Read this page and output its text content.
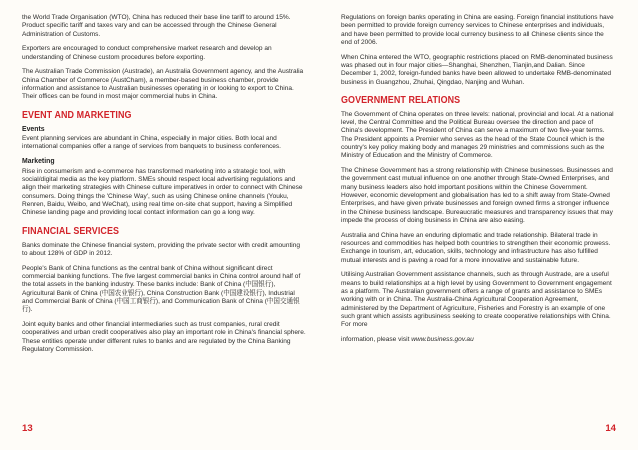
the World Trade Organisation (WTO), China has reduced their base line tariff to around 15%. Product specific tariff and taxes vary and can be accessed through the Chinese General Administration of Customs.

Exporters are encouraged to conduct comprehensive market research and develop an understanding of Chinese custom procedures before exporting.

The Australian Trade Commission (Austrade), an Australia Government agency, and the Australia China Chamber of Commerce (AustCham), a member-based business chamber, provide information and assistance to Australian businesses operating in or looking to export to China. Their offices can be found in most major commercial hubs in China.

EVENT AND MARKETING
Events

Event planning services are abundant in China, especially in major cities. Both local and international companies offer a range of services from banquets to business conferences.

Marketing

Rise in consumerism and e-commerce has transformed marketing into a strategic tool, with social/digital media as the key platform. SMEs should respect local advertising regulations and align their marketing strategies with Chinese culture imperatives in order to connect with Chinese consumers. Doing things the 'Chinese Way', such as using Chinese online channels (Youku, Renren, Baidu, Weibo, and WeChat), using real time on-site chat support, having a Simplified Chinese landing page and providing local contact information can go a long way.

FINANCIAL SERVICES

Banks dominate the Chinese financial system, providing the private sector with credit amounting to about 128% of GDP in 2012.

People's Bank of China functions as the central bank of China without significant direct commercial banking functions. The five largest commercial banks in China control around half of the total assets in the banking industry. These banks include: Bank of China (中国银行), Agricultural Bank of China (中国农业银行), China Construction Bank (中国建设银行), Industrial and Commercial Bank of China (中国工商银行), and Communication Bank of China (中国交通银行).

Joint equity banks and other financial intermediaries such as trust companies, rural credit cooperatives and urban credit cooperatives also play an important role in China's financial sphere. These entities operate under different rules to banks and are regulated by the China Banking Regulatory Commission.

13

Regulations on foreign banks operating in China are easing. Foreign financial institutions have been permitted to provide foreign currency services to Chinese enterprises and individuals, and have been permitted to provide local currency business to all Chinese clients since the end of 2006.

When China entered the WTO, geographic restrictions placed on RMB-denominated business was phased out in four major cities—Shanghai, Shenzhen, Tianjin,and Dalian. Since December 1, 2002, foreign-funded banks have been allowed to undertake RMB-denominated business in Guangzhou, Zhuhai, Qingdao, Nanjing and Wuhan.

GOVERNMENT RELATIONS

The Government of China operates on three levels: national, provincial and local. At a national level, the Central Committee and the Political Bureau oversee the direction and pace of China's development. The President of China can serve a maximum of two five-year terms. The President appoints a Premier who serves as the head of the State Council which is the country's key policy making body and manages 29 ministries and commissions such as the Ministry of Education and the Ministry of Commerce.

The Chinese Government has a strong relationship with Chinese businesses. Businesses and the government cast mutual influence on one another through State-Owned Enterprises, and many business leaders also hold important positions within the Chinese Government. However, economic development and globalisation has led to a shift away from State-Owned Enterprises, and have given private businesses and foreign owned firms a stronger influence in the Chinese business landscape. Bureaucratic measures and transparency issues that may impede the process of doing business in China are also easing.

Australia and China have an enduring diplomatic and trade relationship. Bilateral trade in resources and commodities has helped both countries to strengthen their economic prowess. Exchange in tourism, art, education, skills, technology and infrastructure has also fulfilled mutual interests and is paving a road for a more innovative and sustainable future.

Utilising Australian Government assistance channels, such as through Austrade, are a useful means to build relationships at a high level by using Government to Government engagement as a platform. The Australian government offers a range of grants and assistance to SMEs working with or in China. The Australia-China Agricultural Cooperation Agreement, administered by the Department of Agriculture, Fisheries and Forestry is an example of one such grant which assists agribusiness seeking to create cooperative relationships with China. For more

information, please visit www.business.gov.au

14
